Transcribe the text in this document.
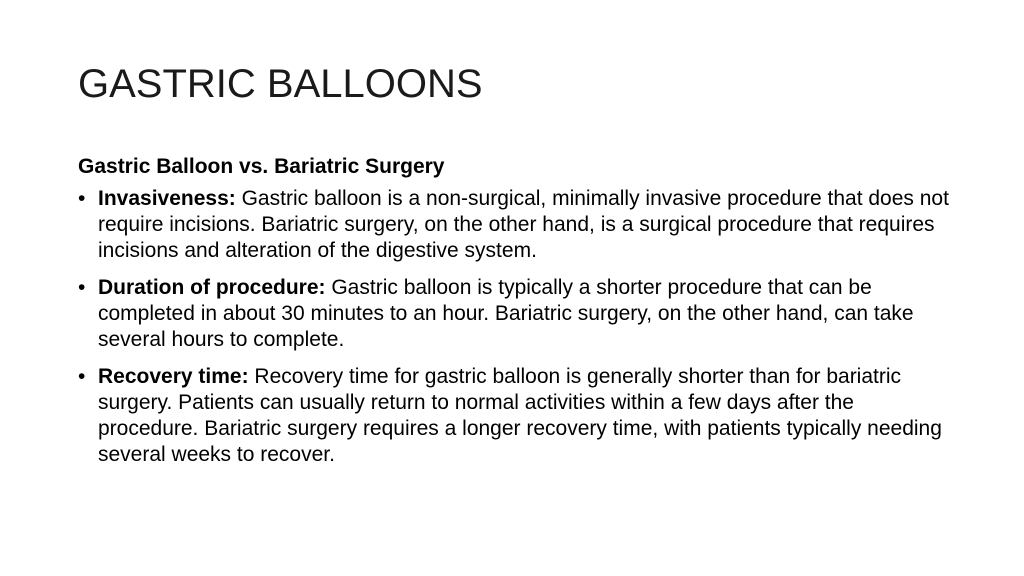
GASTRIC BALLOONS
Gastric Balloon vs. Bariatric Surgery
• Invasiveness: Gastric balloon is a non-surgical, minimally invasive procedure that does not require incisions. Bariatric surgery, on the other hand, is a surgical procedure that requires incisions and alteration of the digestive system.
• Duration of procedure: Gastric balloon is typically a shorter procedure that can be completed in about 30 minutes to an hour. Bariatric surgery, on the other hand, can take several hours to complete.
• Recovery time: Recovery time for gastric balloon is generally shorter than for bariatric surgery. Patients can usually return to normal activities within a few days after the procedure. Bariatric surgery requires a longer recovery time, with patients typically needing several weeks to recover.
